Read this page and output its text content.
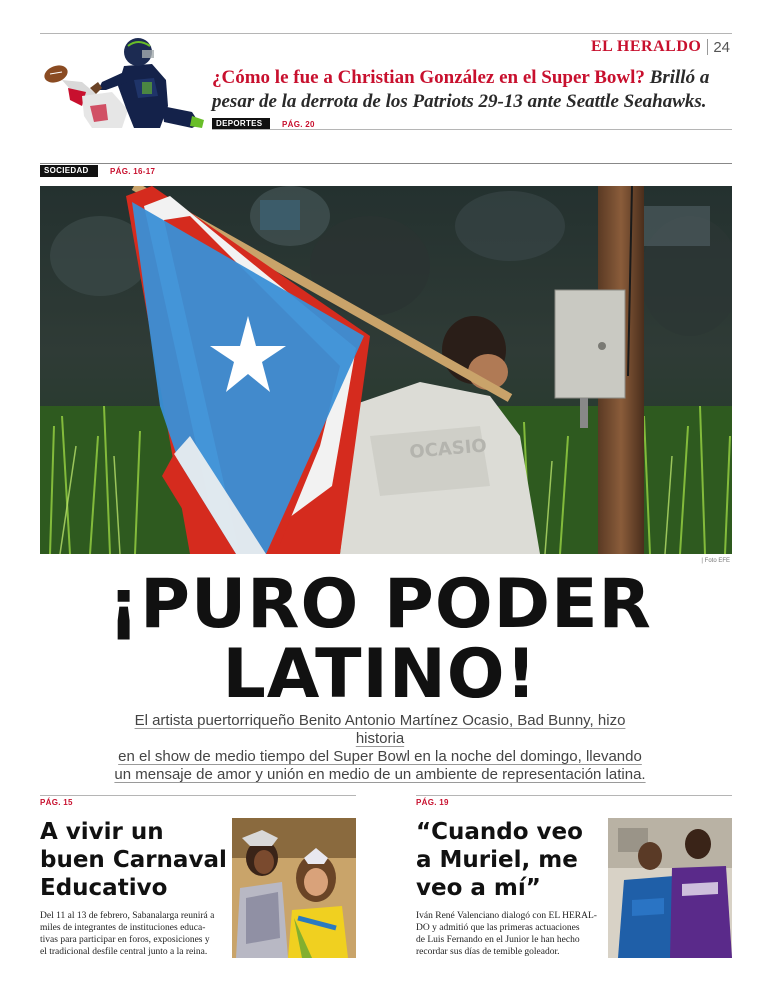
EL HERALDO 24
¿Cómo le fue a Christian González en el Super Bowl? Brilló a pesar de la derrota de los Patriots 29-13 ante Seattle Seahawks.
DEPORTES	PÁG. 20
SOCIEDAD	PÁG. 16-17
OCASIO
| Foto EFE
¡PURO PODER
LATINO!
El artista puertorriqueño Benito Antonio Martínez Ocasio, Bad Bunny, hizo historia
en el show de medio tiempo del Super Bowl en la noche del domingo, llevando
un mensaje de amor y unión en medio de un ambiente de representación latina.
PÁG. 15
A vivir un
buen Carnaval
Educativo
Del 11 al 13 de febrero, Sabanalarga reunirá a
miles de integrantes de instituciones educa-
tivas para participar en foros, exposiciones y
el tradicional desfile central junto a la reina.
PÁG. 19
“Cuando veo
a Muriel, me
veo a mí”
Iván René Valenciano dialogó con EL HERAL-
DO y admitió que las primeras actuaciones
de Luis Fernando en el Junior le han hecho
recordar sus días de temible goleador.
